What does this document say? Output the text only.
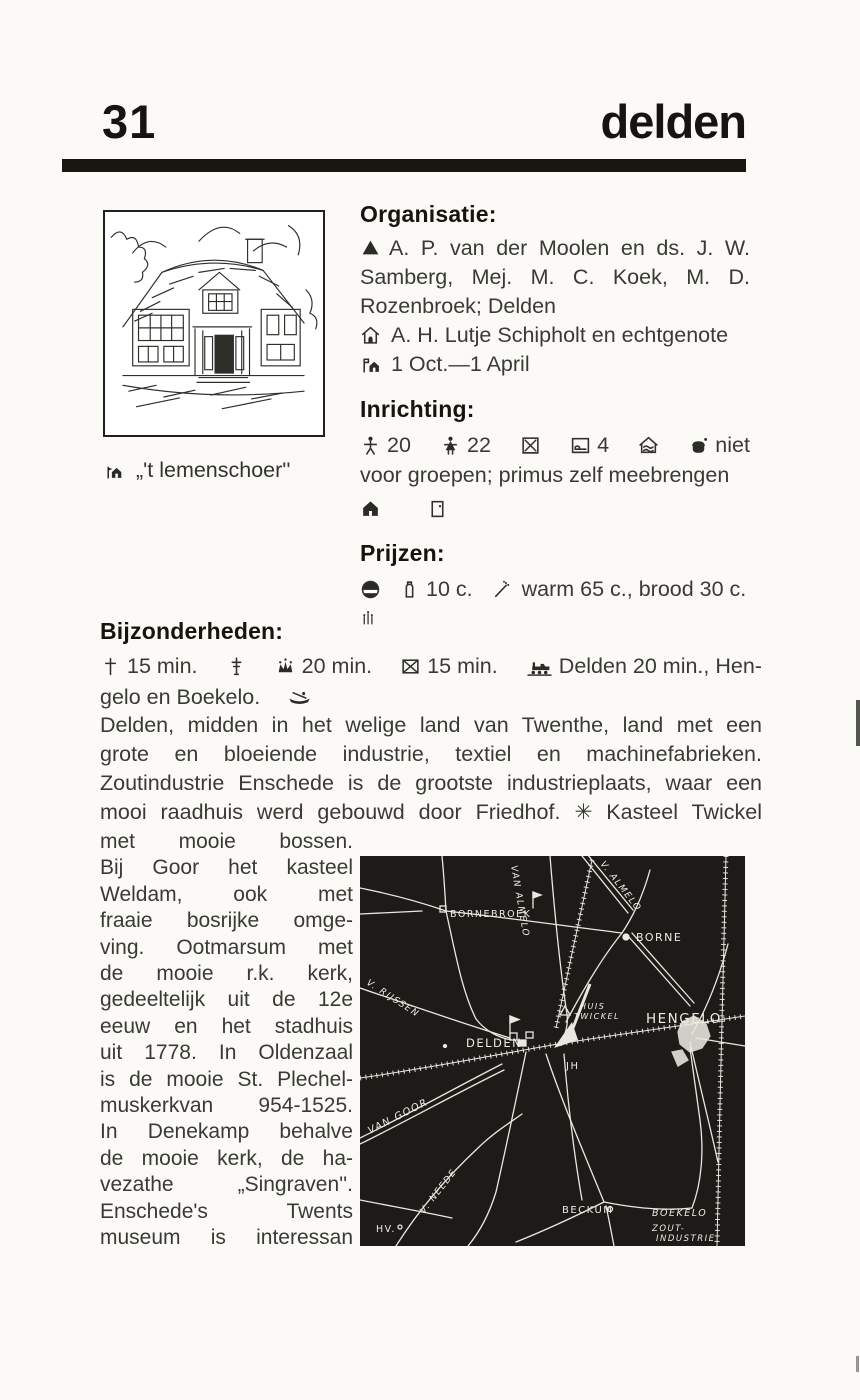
31	delden
„'t lemenschoer''
Organisatie:

A. P. van der Moolen en ds. J. W. Samberg, Mej. M. C. Koek, M. D. Rozenbroek; Delden

A. H. Lutje Schipholt en echtgenote
1 Oct.—1 April
Inrichting:
20	22	4	niet

voor groepen; primus zelf meebrengen

Prijzen:
10 c. warm 65 c., brood 30 c.
Bijzonderheden:
15 min.	20 min.	15 min.	Delden 20 min., Hen-
gelo en Boekelo.
Delden, midden in het welige land van Twenthe, land met een
grote en bloeiende industrie, textiel en machinefabrieken.
Zoutindustrie Enschede is de grootste industrieplaats, waar een
mooi raadhuis werd gebouwd door Friedhof. ✳ Kasteel Twickel
met mooie bossen.
Bij Goor het kasteel
Weldam, ook met
fraaie bosrijke omge-
ving. Ootmarsum met
de mooie r.k. kerk,
gedeeltelijk uit de 12e
eeuw en het stadhuis
uit 1778. In Oldenzaal
is de mooie St. Plechel-
muskerkvan 954-1525.
In Denekamp behalve
de mooie kerk, de ha-
vezathe „Singraven''.
Enschede's Twents
museum is interessan
BORNEBROEK
VAN ALMELO	V. ALMELO
BORNE
HENGELO
HUIS
TWICKEL
DELDEN
JH
V. RIJSSEN
VAN GOOR
V. NEEDE
HV.
BECKUM	BOEKELO
ZOUT-
INDUSTRIE
